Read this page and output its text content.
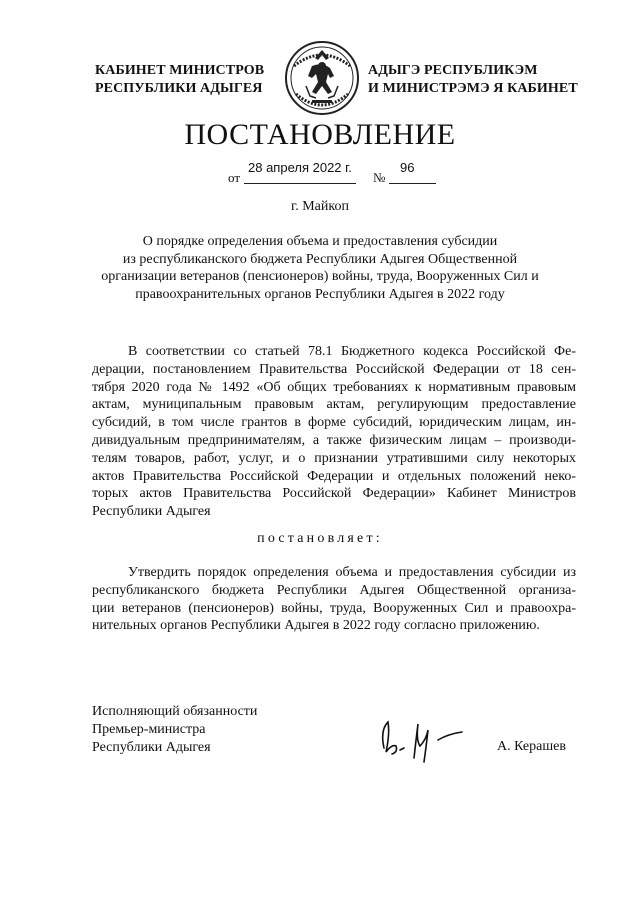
КАБИНЕТ МИНИСТРОВ
РЕСПУБЛИКИ АДЫГЕЯ
АДЫГЭ РЕСПУБЛИКЭМ
И МИНИСТРЭМЭ Я КАБИНЕТ
ПОСТАНОВЛЕНИЕ
от
28 апреля 2022 г.
№
96
г. Майкоп
О порядке определения объема и предоставления субсидии
из республиканского бюджета Республики Адыгея Общественной
организации ветеранов (пенсионеров) войны, труда, Вооруженных Сил и
правоохранительных органов Республики Адыгея в 2022 году
В соответствии со статьей 78.1 Бюджетного кодекса Российской Фе-
дерации, постановлением Правительства Российской Федерации от 18 сен-
тября 2020 года № 1492 «Об общих требованиях к нормативным правовым
актам, муниципальным правовым актам, регулирующим предоставление
субсидий, в том числе грантов в форме субсидий, юридическим лицам, ин-
дивидуальным предпринимателям, а также физическим лицам – производи-
телям товаров, работ, услуг, и о признании утратившими силу некоторых
актов Правительства Российской Федерации и отдельных положений неко-
торых актов Правительства Российской Федерации» Кабинет Министров
Республики Адыгея
постановляет:
Утвердить порядок определения объема и предоставления субсидии из
республиканского бюджета Республики Адыгея Общественной организа-
ции ветеранов (пенсионеров) войны, труда, Вооруженных Сил и правоохра-
нительных органов Республики Адыгея в 2022 году согласно приложению.
Исполняющий обязанности
Премьер-министра
Республики Адыгея	А. Керашев
